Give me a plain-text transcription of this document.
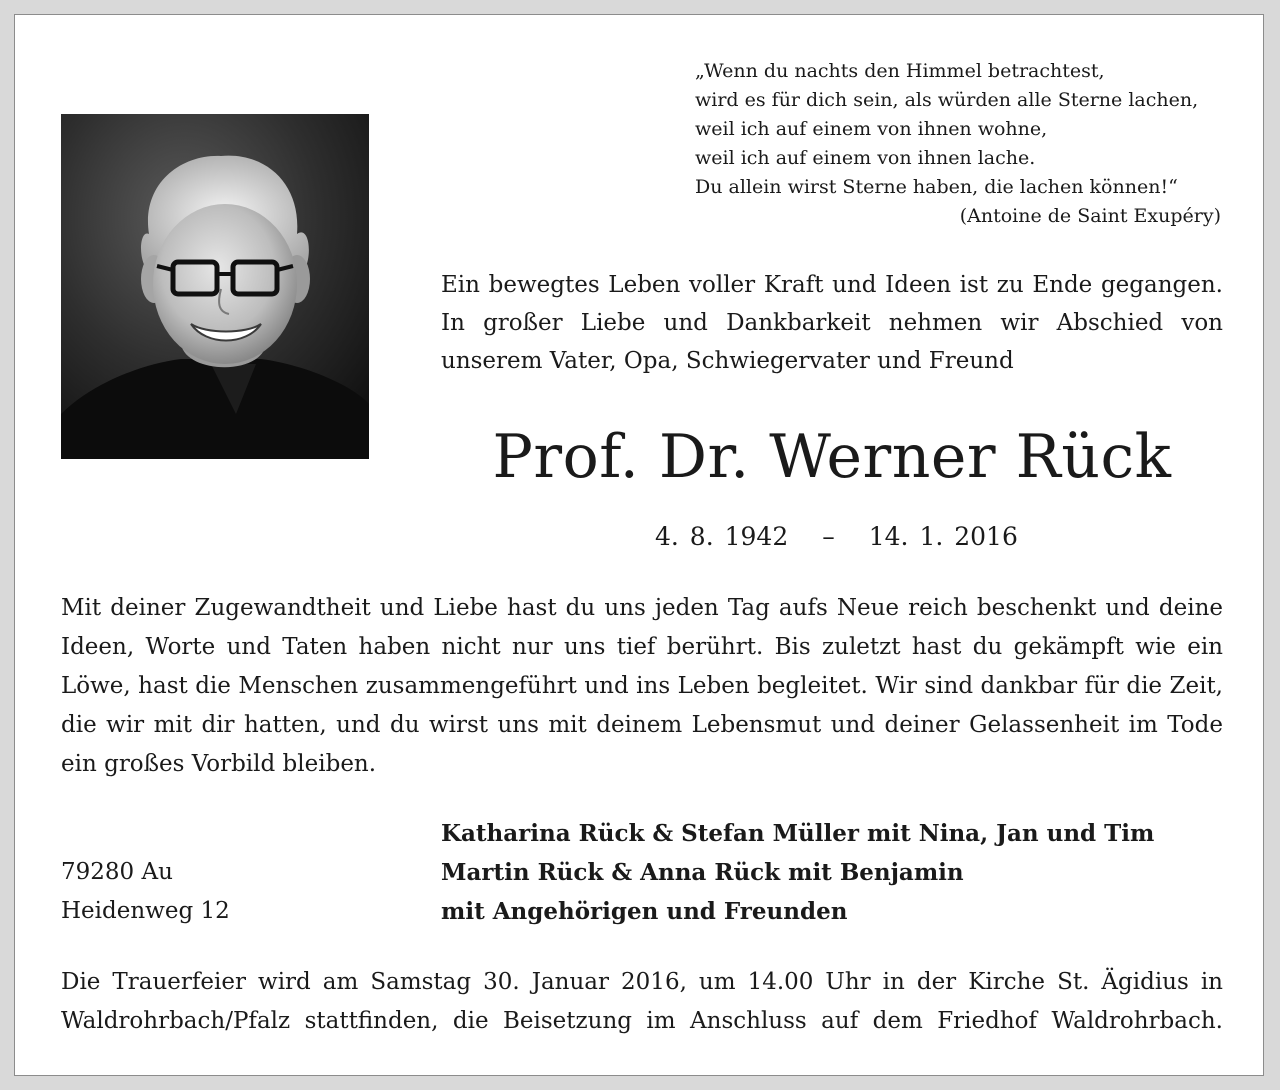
„Wenn du nachts den Himmel betrachtest,
wird es für dich sein, als würden alle Sterne lachen,
weil ich auf einem von ihnen wohne,
weil ich auf einem von ihnen lache.
Du allein wirst Sterne haben, die lachen können!“
(Antoine de Saint Exupéry)
Ein bewegtes Leben voller Kraft und Ideen ist zu Ende gegangen. In großer Liebe und Dankbarkeit nehmen wir Abschied von unserem Vater, Opa, Schwiegervater und Freund
Prof. Dr. Werner Rück
4. 8. 1942 – 14. 1. 2016
Mit deiner Zugewandtheit und Liebe hast du uns jeden Tag aufs Neue reich beschenkt und deine Ideen, Worte und Taten haben nicht nur uns tief berührt. Bis zuletzt hast du gekämpft wie ein Löwe, hast die Menschen zusammengeführt und ins Leben begleitet. Wir sind dankbar für die Zeit, die wir mit dir hatten, und du wirst uns mit deinem Lebensmut und deiner Gelassenheit im Tode ein großes Vorbild bleiben.
79280 Au
Heidenweg 12
Katharina Rück & Stefan Müller mit Nina, Jan und Tim
Martin Rück & Anna Rück mit Benjamin
mit Angehörigen und Freunden
Die Trauerfeier wird am Samstag 30. Januar 2016, um 14.00 Uhr in der Kirche St. Ägidius in
Waldrohrbach/Pfalz stattfinden, die Beisetzung im Anschluss auf dem Friedhof Waldrohrbach.
